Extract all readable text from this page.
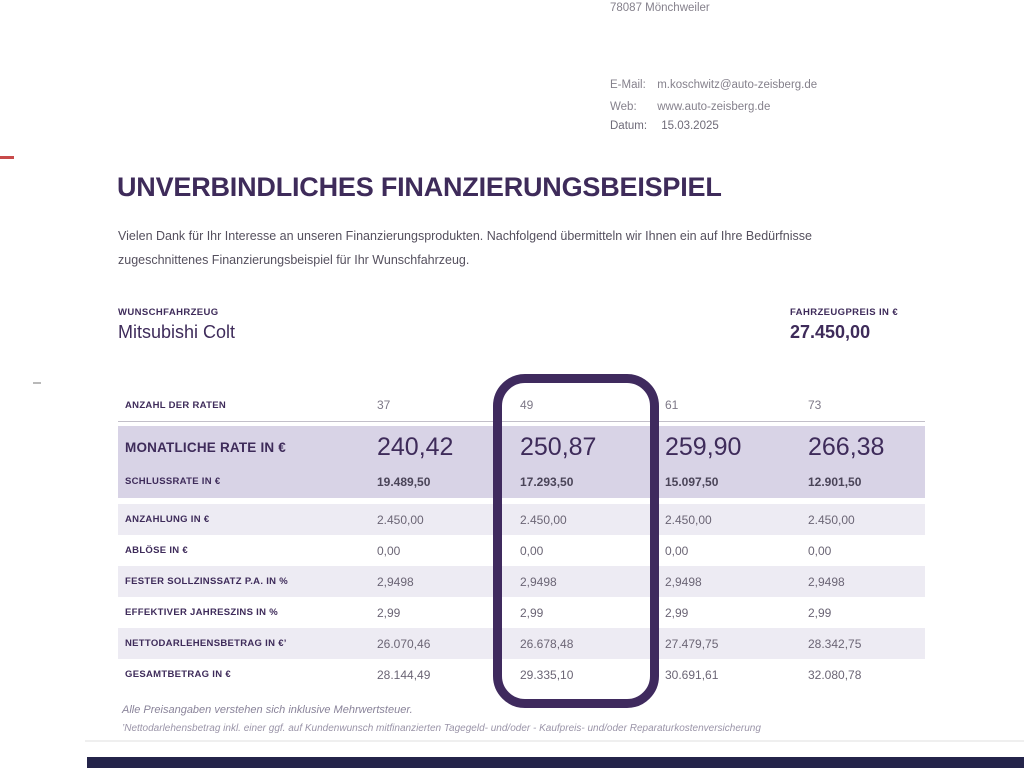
78087 Mönchweiler
E-Mail: m.koschwitz@auto-zeisberg.de
Web: www.auto-zeisberg.de
Datum: 15.03.2025
UNVERBINDLICHES FINANZIERUNGSBEISPIEL
Vielen Dank für Ihr Interesse an unseren Finanzierungsprodukten. Nachfolgend übermitteln wir Ihnen ein auf Ihre Bedürfnisse zugeschnittenes Finanzierungsbeispiel für Ihr Wunschfahrzeug.
WUNSCHFAHRZEUG
Mitsubishi Colt
FAHRZEUGPREIS IN €
27.450,00
ANZAHL DER RATEN	37	49	61	73
MONATLICHE RATE IN €	240,42	250,87	259,90	266,38
SCHLUSSRATE IN €	19.489,50	17.293,50	15.097,50	12.901,50
ANZAHLUNG IN €	2.450,00	2.450,00	2.450,00	2.450,00
ABLÖSE IN €	0,00	0,00	0,00	0,00
FESTER SOLLZINSSATZ P.A. IN %	2,9498	2,9498	2,9498	2,9498
EFFEKTIVER JAHRESZINS IN %	2,99	2,99	2,99	2,99
NETTODARLEHENSBETRAG IN €’	26.070,46	26.678,48	27.479,75	28.342,75
GESAMTBETRAG IN €	28.144,49	29.335,10	30.691,61	32.080,78
Alle Preisangaben verstehen sich inklusive Mehrwertsteuer.
’Nettodarlehensbetrag inkl. einer ggf. auf Kundenwunsch mitfinanzierten Tagegeld- und/oder - Kaufpreis- und/oder Reparaturkostenversicherung
